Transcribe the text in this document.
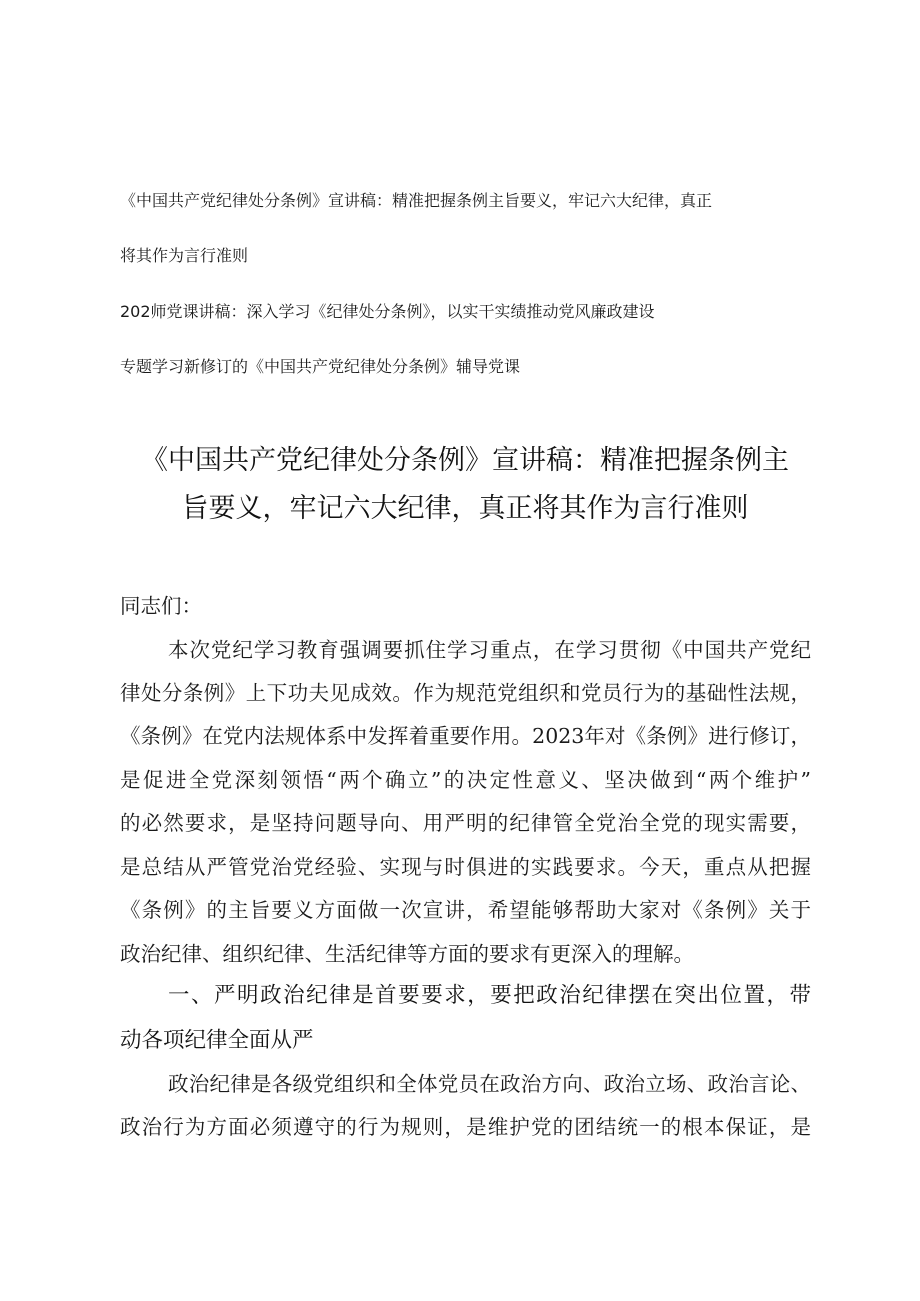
《中国共产党纪律处分条例》宣讲稿：精准把握条例主旨要义，牢记六大纪律，真正
将其作为言行准则
202师党课讲稿：深入学习《纪律处分条例》，以实干实绩推动党风廉政建设
专题学习新修订的《中国共产党纪律处分条例》辅导党课
《中国共产党纪律处分条例》宣讲稿：精准把握条例主
旨要义，牢记六大纪律，真正将其作为言行准则
同志们：
本次党纪学习教育强调要抓住学习重点，在学习贯彻《中国共产党纪
律处分条例》上下功夫见成效。作为规范党组织和党员行为的基础性法规，
《条例》在党内法规体系中发挥着重要作用。2023年对《条例》进行修订，
是促进全党深刻领悟“两个确立”的决定性意义、坚决做到“两个维护”
的必然要求，是坚持问题导向、用严明的纪律管全党治全党的现实需要，
是总结从严管党治党经验、实现与时俱进的实践要求。今天，重点从把握
《条例》的主旨要义方面做一次宣讲，希望能够帮助大家对《条例》关于
政治纪律、组织纪律、生活纪律等方面的要求有更深入的理解。
一、严明政治纪律是首要要求，要把政治纪律摆在突出位置，带
动各项纪律全面从严
政治纪律是各级党组织和全体党员在政治方向、政治立场、政治言论、
政治行为方面必须遵守的行为规则，是维护党的团结统一的根本保证，是
